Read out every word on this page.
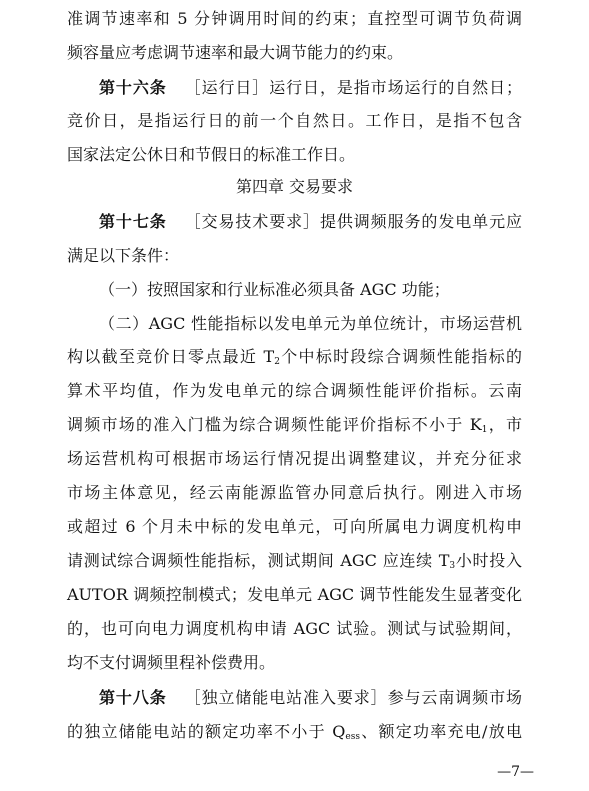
准调节速率和 5 分钟调用时间的约束；直控型可调节负荷调
频容量应考虑调节速率和最大调节能力的约束。
第十六条 ［运行日］运行日，是指市场运行的自然日；
竞价日，是指运行日的前一个自然日。工作日，是指不包含
国家法定公休日和节假日的标准工作日。
第四章 交易要求
第十七条 ［交易技术要求］提供调频服务的发电单元应
满足以下条件：
（一）按照国家和行业标准必须具备 AGC 功能；
（二）AGC 性能指标以发电单元为单位统计，市场运营机
构以截至竞价日零点最近 $T_2$个中标时段综合调频性能指标的
算术平均值，作为发电单元的综合调频性能评价指标。云南
调频市场的准入门槛为综合调频性能评价指标不小于 $K_1$，市
场运营机构可根据市场运行情况提出调整建议，并充分征求
市场主体意见，经云南能源监管办同意后执行。刚进入市场
或超过 6 个月未中标的发电单元，可向所属电力调度机构申
请测试综合调频性能指标，测试期间 AGC 应连续 $T_3$小时投入
AUTOR 调频控制模式；发电单元 AGC 调节性能发生显著变化
的，也可向电力调度机构申请 AGC 试验。测试与试验期间，
均不支付调频里程补偿费用。
第十八条 ［独立储能电站准入要求］参与云南调频市场
的独立储能电站的额定功率不小于 $Q_{ess}$、额定功率充电/放电
—7—
